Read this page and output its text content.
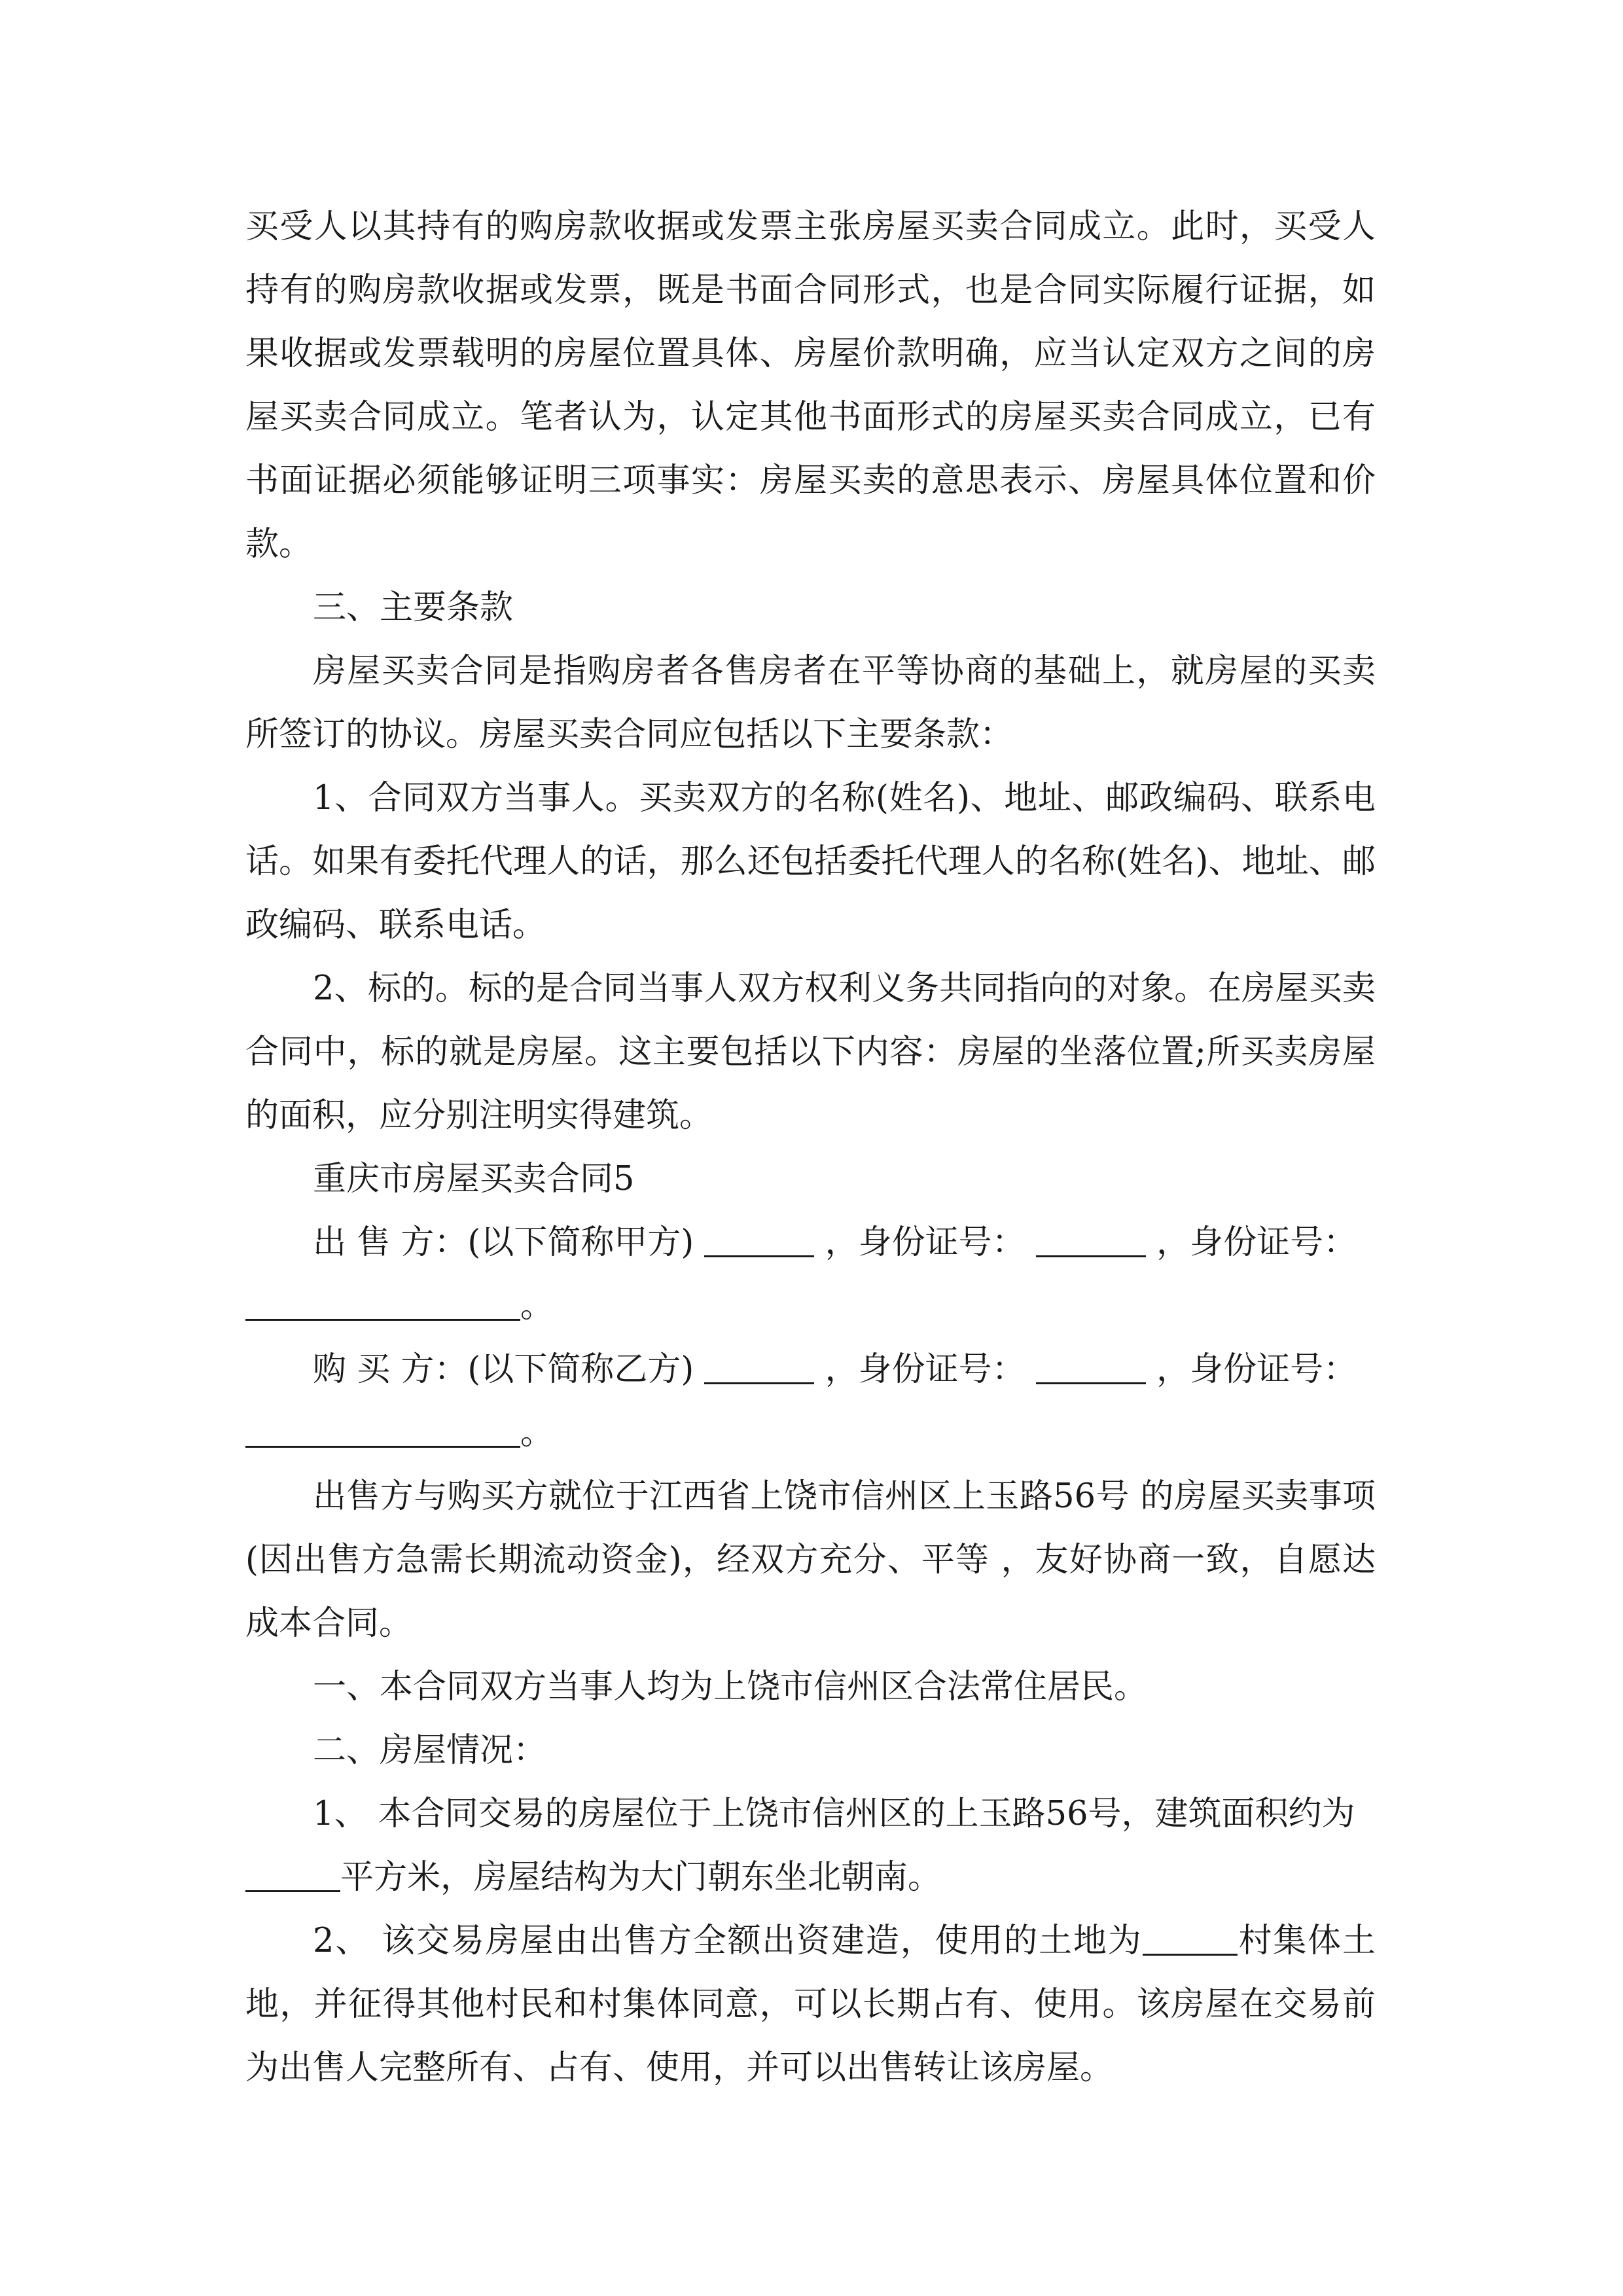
买受人以其持有的购房款收据或发票主张房屋买卖合同成立。此时，买受人持有的购房款收据或发票，既是书面合同形式，也是合同实际履行证据，如果收据或发票载明的房屋位置具体、房屋价款明确，应当认定双方之间的房屋买卖合同成立。笔者认为，认定其他书面形式的房屋买卖合同成立，已有书面证据必须能够证明三项事实：房屋买卖的意思表示、房屋具体位置和价款。

三、主要条款

房屋买卖合同是指购房者各售房者在平等协商的基础上，就房屋的买卖所签订的协议。房屋买卖合同应包括以下主要条款：

1、合同双方当事人。买卖双方的名称(姓名)、地址、邮政编码、联系电话。如果有委托代理人的话，那么还包括委托代理人的名称(姓名)、地址、邮政编码、联系电话。

2、标的。标的是合同当事人双方权利义务共同指向的对象。在房屋买卖合同中，标的就是房屋。这主要包括以下内容：房屋的坐落位置;所买卖房屋的面积，应分别注明实得建筑。

重庆市房屋买卖合同5

出 售 方：(以下简称甲方)	，身份证号：	，身份证号：
。

购 买 方：(以下简称乙方)	，身份证号：	，身份证号：
。

出售方与购买方就位于江西省上饶市信州区上玉路56号 的房屋买卖事项(因出售方急需长期流动资金)，经双方充分、平等 ，友好协商一致，自愿达成本合同。

一、本合同双方当事人均为上饶市信州区合法常住居民。

二、房屋情况：

1、 本合同交易的房屋位于上饶市信州区的上玉路56号，建筑面积约为
平方米，房屋结构为大门朝东坐北朝南。

2、 该交易房屋由出售方全额出资建造，使用的土地为	村集体土地，并征得其他村民和村集体同意，可以长期占有、使用。该房屋在交易前为出售人完整所有、占有、使用，并可以出售转让该房屋。
